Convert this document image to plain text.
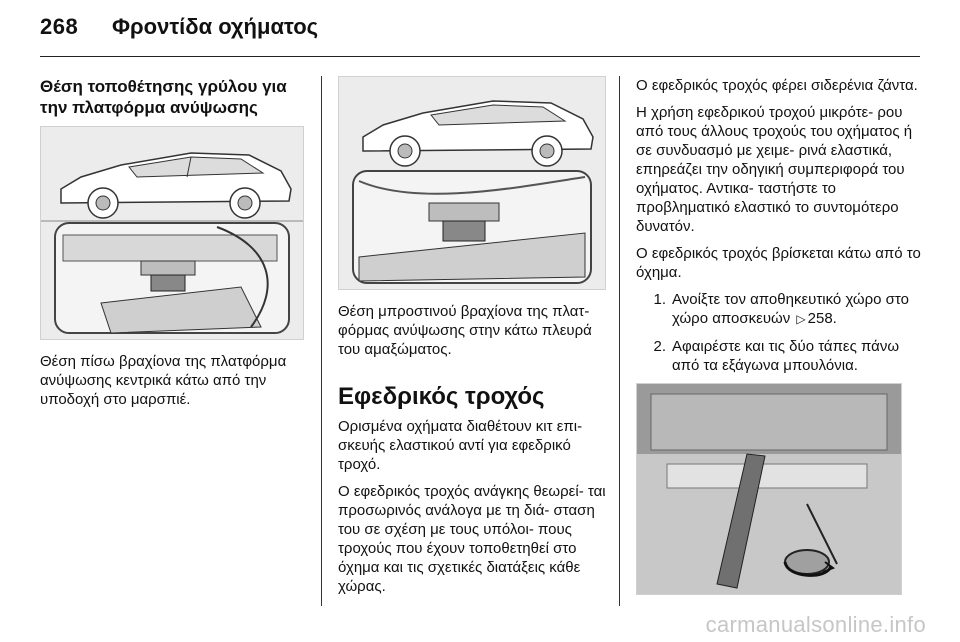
268 Φροντίδα οχήματος
Θέση τοποθέτησης γρύλου για την πλατφόρμα ανύψωσης
Θέση πίσω βραχίονα της πλατφόρμα ανύψωσης κεντρικά κάτω από την υποδοχή στο μαρσπιέ.
Θέση μπροστινού βραχίονα της πλατ- φόρμας ανύψωσης στην κάτω πλευρά του αμαξώματος.
Εφεδρικός τροχός
Ορισμένα οχήματα διαθέτουν κιτ επι- σκευής ελαστικού αντί για εφεδρικό τροχό.
Ο εφεδρικός τροχός ανάγκης θεωρεί- ται προσωρινός ανάλογα με τη διά- σταση του σε σχέση με τους υπόλοι- πους τροχούς που έχουν τοποθετηθεί στο όχημα και τις σχετικές διατάξεις κάθε χώρας.
Ο εφεδρικός τροχός φέρει σιδερένια ζάντα.
Η χρήση εφεδρικού τροχού μικρότε- ρου από τους άλλους τροχούς του οχήματος ή σε συνδυασμό με χειμε- ρινά ελαστικά, επηρεάζει την οδηγική συμπεριφορά του οχήματος. Αντικα- ταστήστε το προβληματικό ελαστικό το συντομότερο δυνατόν.
Ο εφεδρικός τροχός βρίσκεται κάτω από το όχημα.
1. Ανοίξτε τον αποθηκευτικό χώρο στο χώρο αποσκευών ▷ 258.
2. Αφαιρέστε και τις δύο τάπες πάνω από τα εξάγωνα μπουλόνια.
carmanualsonline.info
